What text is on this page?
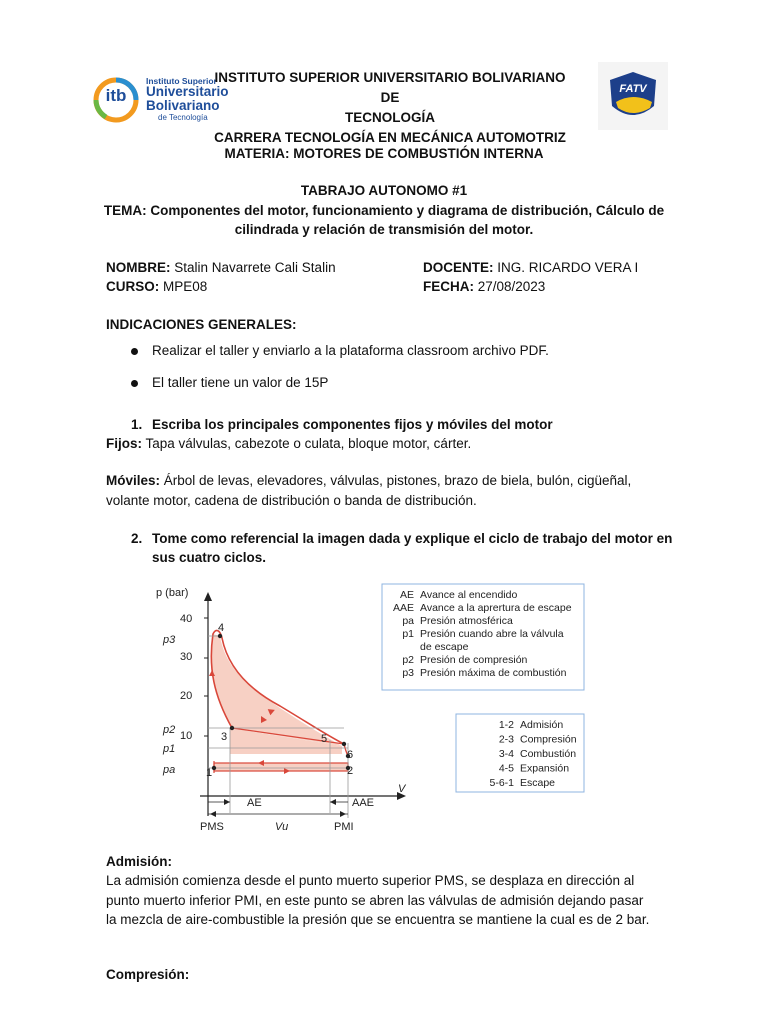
itb
Instituto Superior
Universitario
Bolivariano
de Tecnología
INSTITUTO SUPERIOR UNIVERSITARIO BOLIVARIANO DE
TECNOLOGÍA
CARRERA TECNOLOGÍA EN MECÁNICA AUTOMOTRIZ
FATV
MATERIA: MOTORES DE COMBUSTIÓN INTERNA
TABRAJO AUTONOMO #1
TEMA: Componentes del motor, funcionamiento y diagrama de distribución, Cálculo de
cilindrada y relación de transmisión del motor.
NOMBRE: Stalin Navarrete Cali Stalin
CURSO: MPE08
DOCENTE: ING. RICARDO VERA I
FECHA: 27/08/2023
INDICACIONES GENERALES:
Realizar el taller y enviarlo a la plataforma classroom archivo PDF.
El taller tiene un valor de 15P
1. Escriba los principales componentes fijos y móviles del motor
Fijos: Tapa válvulas, cabezote o culata, bloque motor, cárter.
Móviles: Árbol de levas, elevadores, válvulas, pistones, brazo de biela, bulón, cigüeñal,
volante motor, cadena de distribución o banda de distribución.
2. Tome como referencial la imagen dada y explique el ciclo de trabajo del motor en
sus cuatro ciclos.
p (bar)
V
40
30
20
10
p3
p2
p1
pa	1	2
3
4
5
6
AE	AAE
PMS	Vu	PMI
AE Avance al encendido
AAE Avance a la aprertura de escape
pa Presión atmosférica
p1 Presión cuando abre la válvula
de escape
p2 Presión de compresión
p3 Presión máxima de combustión
1-2 Admisión
2-3 Compresión
3-4 Combustión
4-5 Expansión
5-6-1 Escape
Admisión:
La admisión comienza desde el punto muerto superior PMS, se desplaza en dirección al
punto muerto inferior PMI, en este punto se abren las válvulas de admisión dejando pasar
la mezcla de aire-combustible la presión que se encuentra se mantiene la cual es de 2 bar.
Compresión:
